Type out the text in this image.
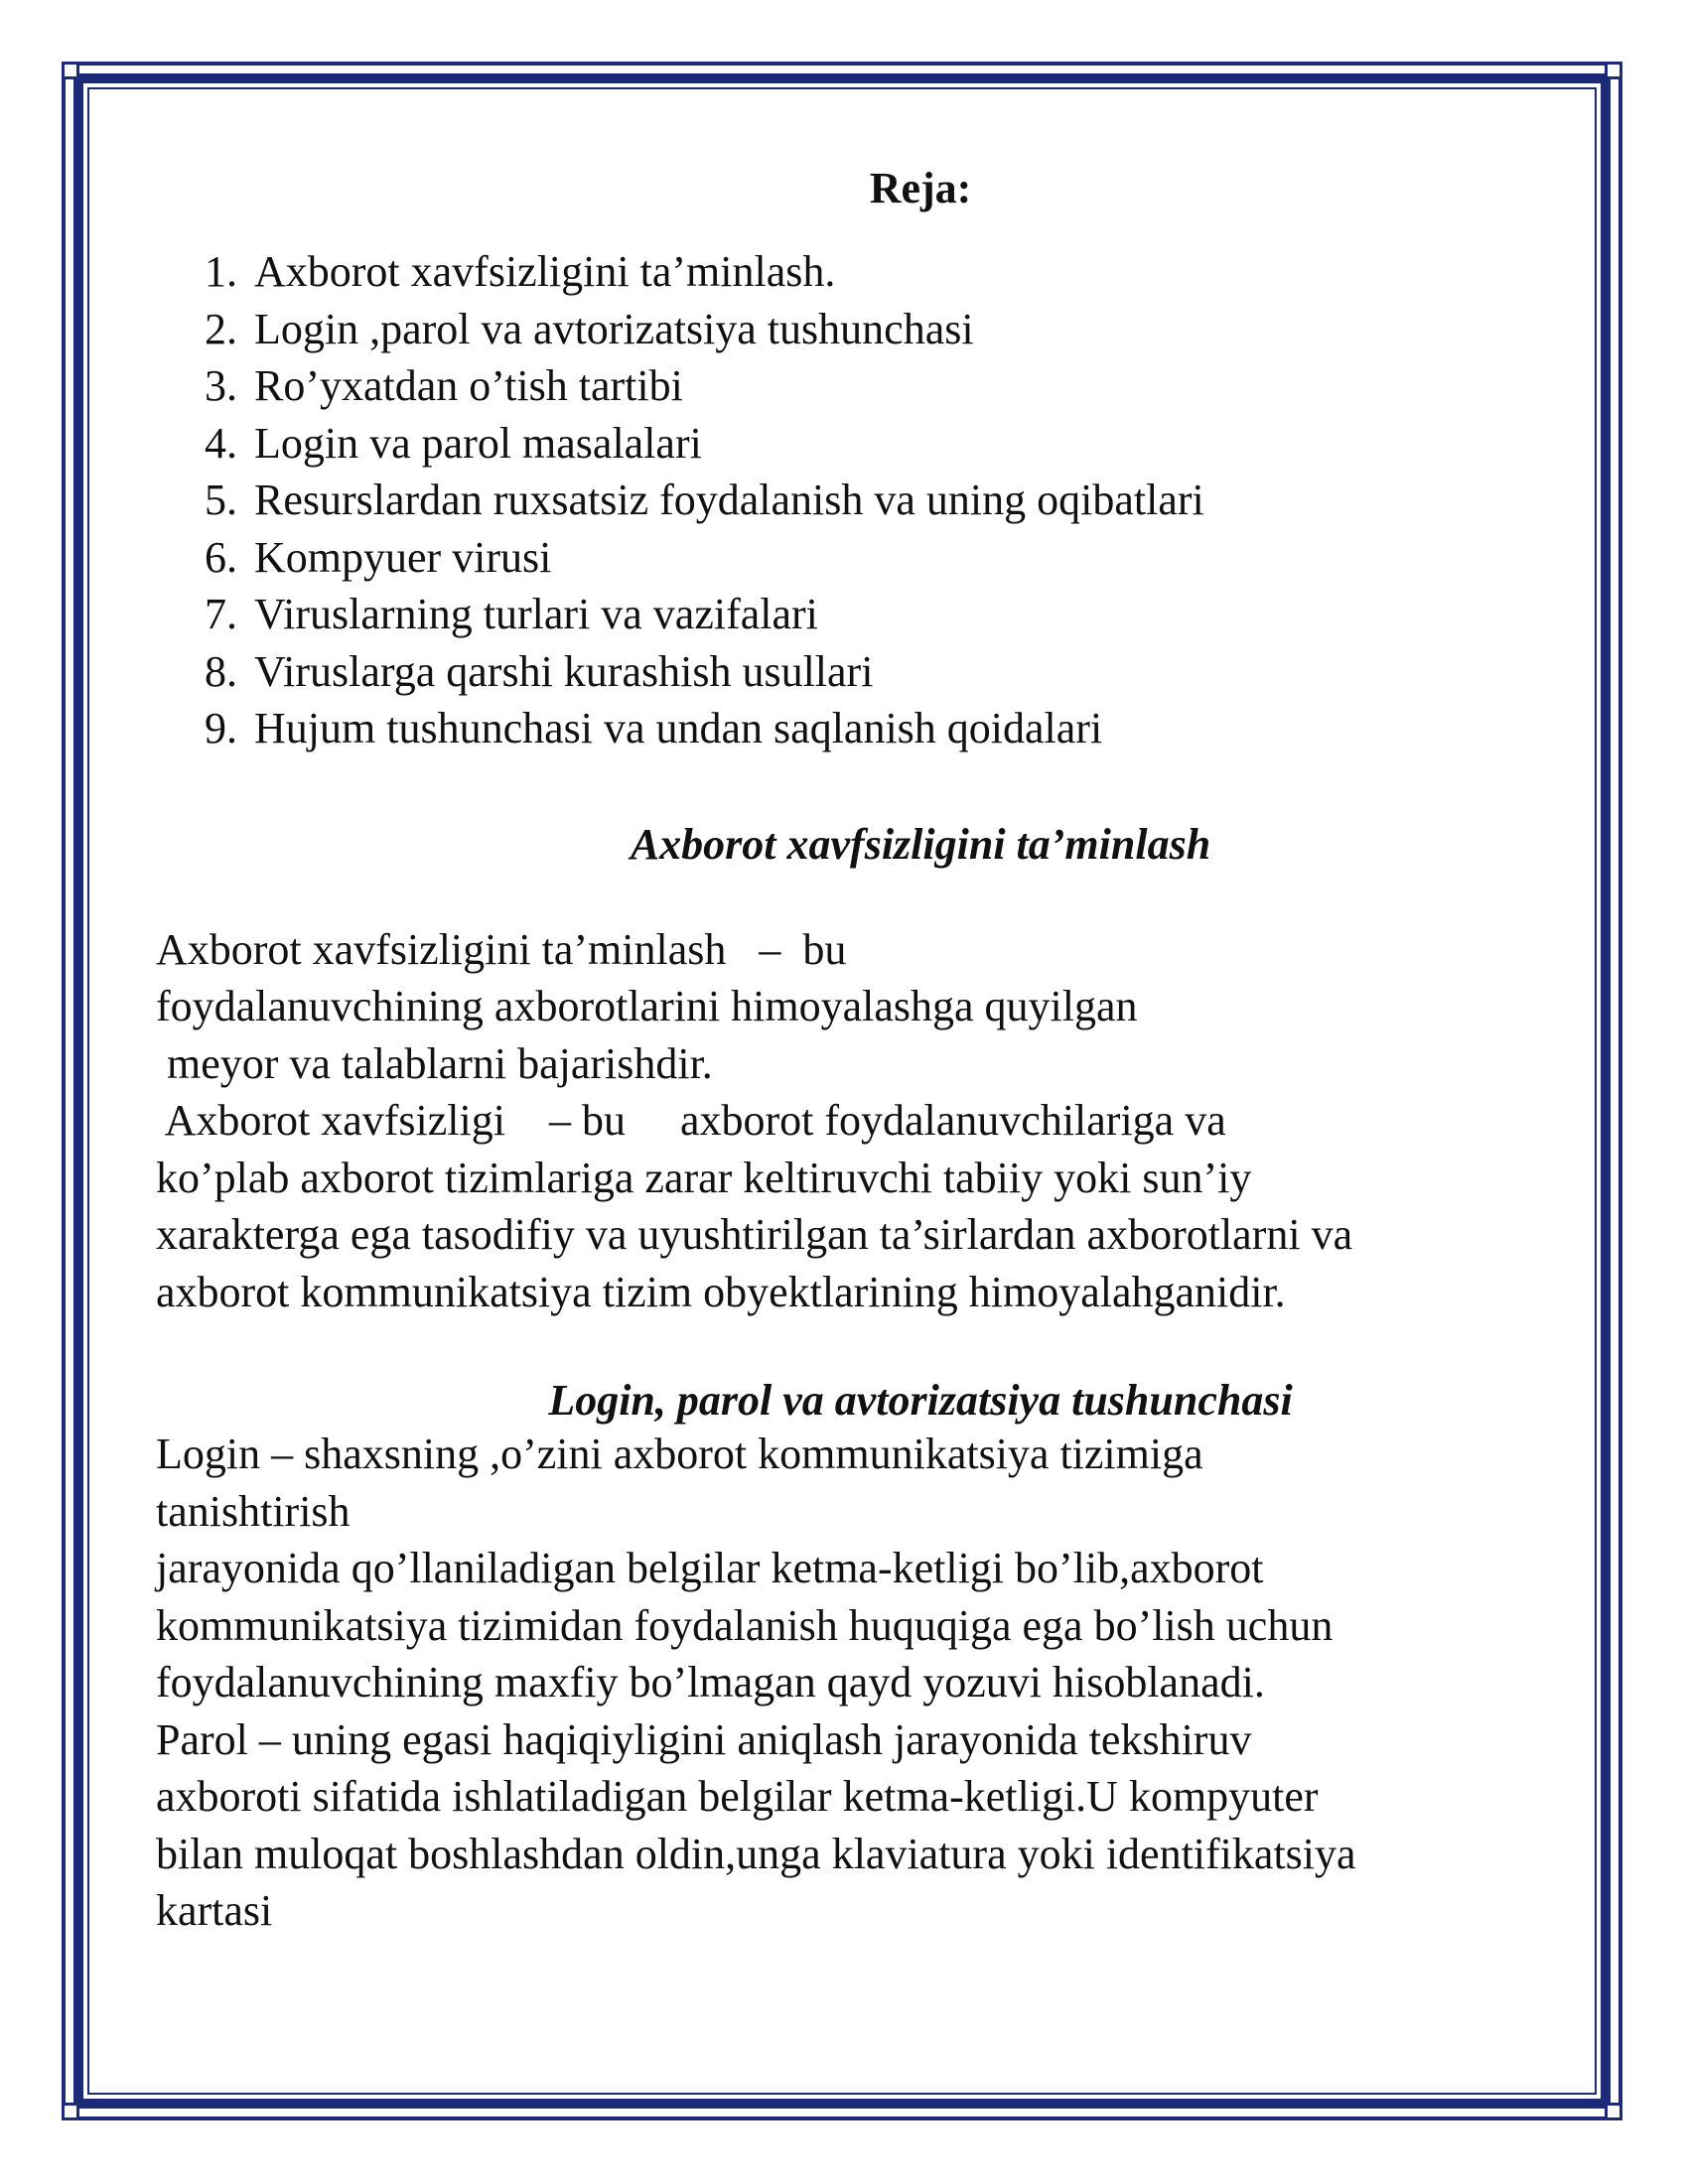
Reja:
1. Axborot xavfsizligini ta’minlash.
2. Login ,parol va avtorizatsiya tushunchasi
3. Ro’yxatdan o’tish tartibi
4. Login va parol masalalari
5. Resurslardan ruxsatsiz foydalanish va uning oqibatlari
6. Kompyuer virusi
7. Viruslarning turlari va vazifalari
8. Viruslarga qarshi kurashish usullari
9. Hujum tushunchasi va undan saqlanish qoidalari
Axborot xavfsizligini ta’minlash
Axborot xavfsizligini ta’minlash   –  bu
foydalanuvchining axborotlarini himoyalashga quyilgan
meyor va talablarni bajarishdir.
Axborot xavfsizligi    – bu     axborot foydalanuvchilariga va
ko’plab axborot tizimlariga zarar keltiruvchi tabiiy yoki sun’iy
xarakterga ega tasodifiy va uyushtirilgan ta’sirlardan axborotlarni va
axborot kommunikatsiya tizim obyektlarining himoyalahganidir.
Login, parol va avtorizatsiya tushunchasi
Login – shaxsning ,o’zini axborot kommunikatsiya tizimiga
tanishtirish
jarayonida qo’llaniladigan belgilar ketma-ketligi bo’lib,axborot
kommunikatsiya tizimidan foydalanish huquqiga ega bo’lish uchun
foydalanuvchining maxfiy bo’lmagan qayd yozuvi hisoblanadi.
Parol – uning egasi haqiqiyligini aniqlash jarayonida tekshiruv
axboroti sifatida ishlatiladigan belgilar ketma-ketligi.U kompyuter
bilan muloqat boshlashdan oldin,unga klaviatura yoki identifikatsiya
kartasi
